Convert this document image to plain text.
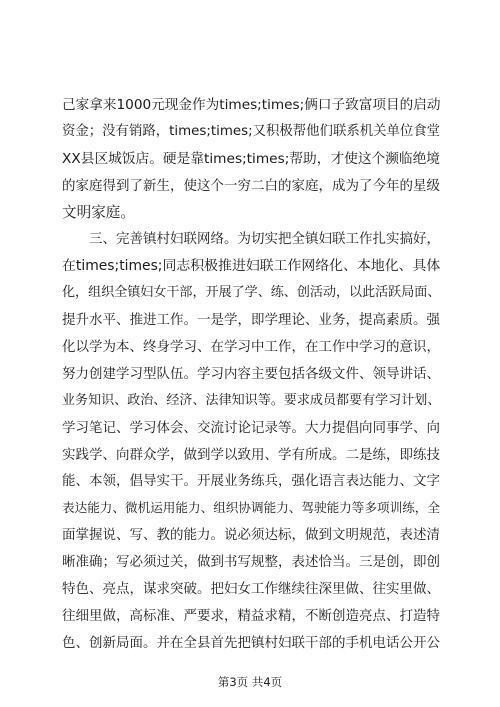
己家拿来1000元现金作为times;times;俩口子致富项目的启动
资金；没有销路，times;times;又积极帮他们联系机关单位食堂
XX县区城饭店。硬是靠times;times;帮助，才使这个濒临绝境
的家庭得到了新生，使这个一穷二白的家庭，成为了今年的星级
文明家庭。
　　三、完善镇村妇联网络。为切实把全镇妇联工作扎实搞好，
在times;times;同志积极推进妇联工作网络化、本地化、具体
化，组织全镇妇女干部，开展了学、练、创活动，以此活跃局面、
提升水平、推进工作。一是学，即学理论、业务，提高素质。强
化以学为本、终身学习、在学习中工作，在工作中学习的意识，
努力创建学习型队伍。学习内容主要包括各级文件、领导讲话、
业务知识、政治、经济、法律知识等。要求成员都要有学习计划、
学习笔记、学习体会、交流讨论记录等。大力提倡向同事学、向
实践学、向群众学，做到学以致用、学有所成。二是练，即练技
能、本领，倡导实干。开展业务练兵，强化语言表达能力、文字
表达能力、微机运用能力、组织协调能力、驾驶能力等多项训练，全
面掌握说、写、教的能力。说必须达标，做到文明规范，表述清
晰准确；写必须过关，做到书写规整，表述恰当。三是创，即创
特色、亮点，谋求突破。把妇女工作继续往深里做、往实里做、
往细里做，高标准、严要求，精益求精，不断创造亮点、打造特
色、创新局面。并在全县首先把镇村妇联干部的手机电话公开公
第3页 共4页
